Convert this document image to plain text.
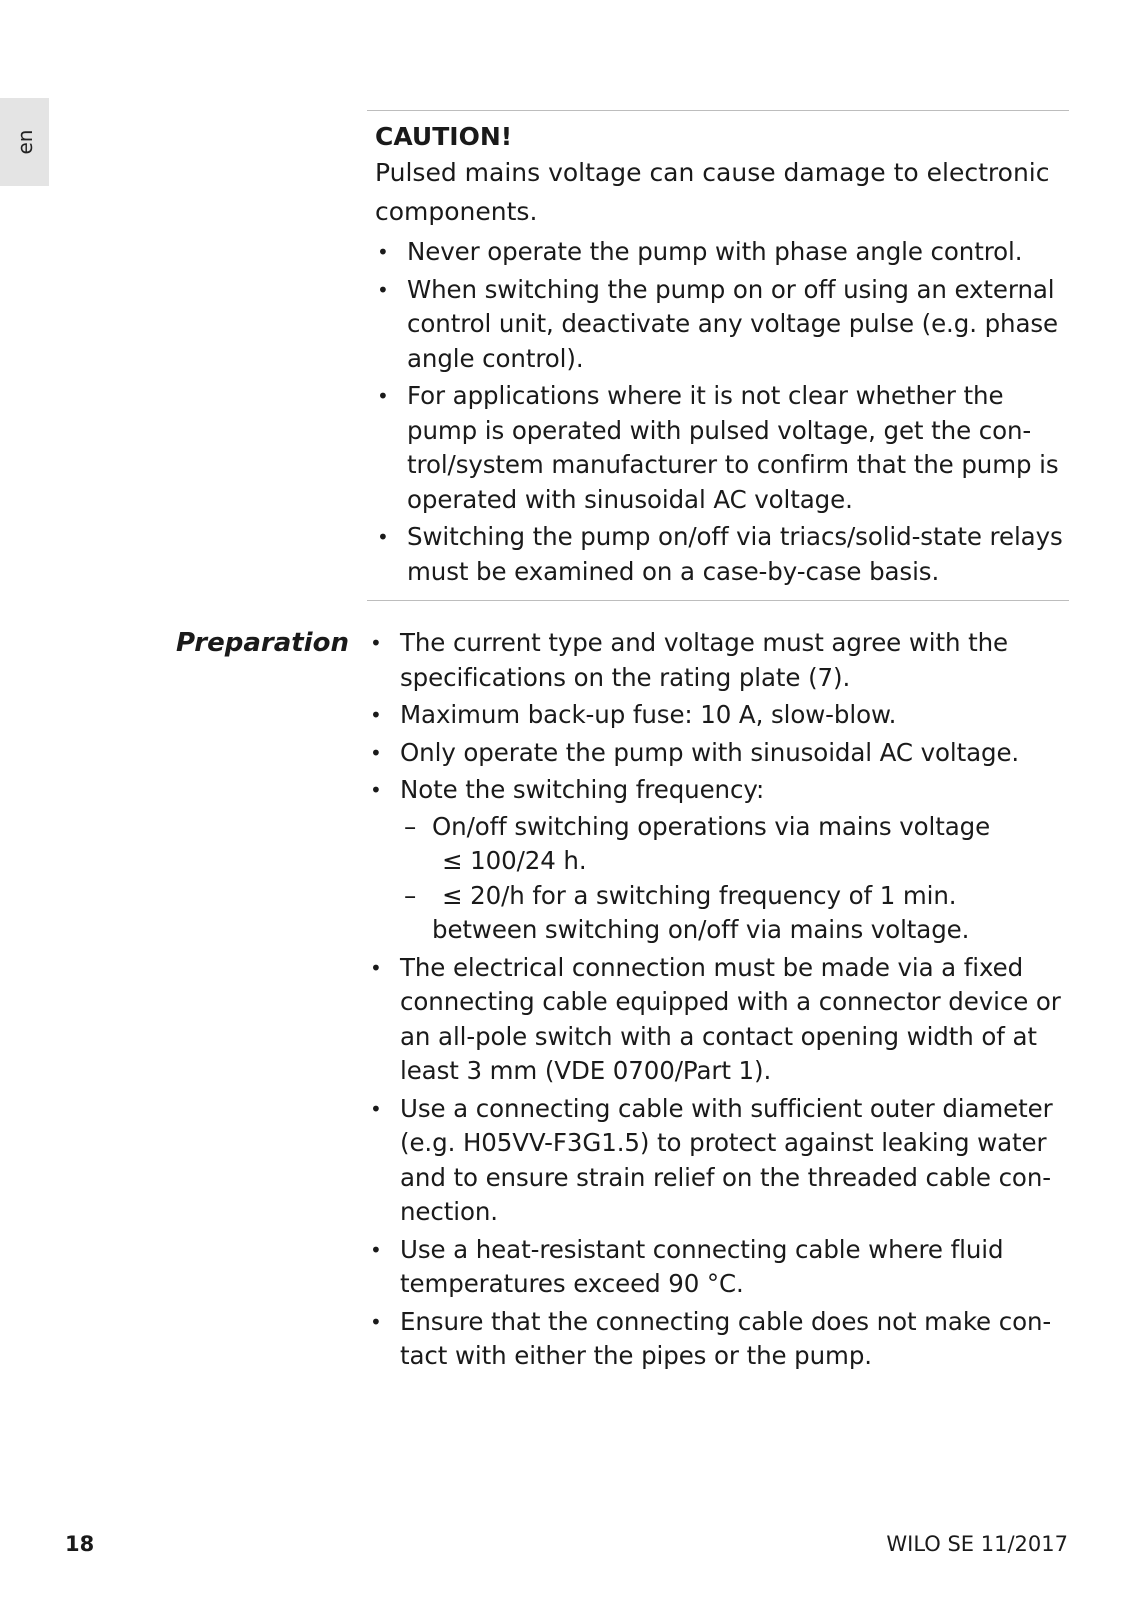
en	CAUTION!

Pulsed mains voltage can cause damage to electronic components.

• Never operate the pump with phase angle control.
• When switching the pump on or off using an external control unit, deactivate any voltage pulse (e.g. phase angle control).
• For applications where it is not clear whether the pump is operated with pulsed voltage, get the con-trol/system manufacturer to confirm that the pump is operated with sinusoidal AC voltage.
• Switching the pump on/off via triacs/solid-state relays must be examined on a case-by-case basis.
Preparation
•	The current type and voltage must agree with the specifications on the rating plate (7).
• Maximum back-up fuse: 10 A, slow-blow.
• Only operate the pump with sinusoidal AC voltage.
• Note the switching frequency:
– On/off switching operations via mains voltage
≤ 100/24 h.
– ≤ 20/h for a switching frequency of 1 min.
between switching on/off via mains voltage.
• The electrical connection must be made via a fixed connecting cable equipped with a connector device or an all-pole switch with a contact opening width of at least 3 mm (VDE 0700/Part 1).
• Use a connecting cable with sufficient outer diameter (e.g. H05VV-F3G1.5) to protect against leaking water and to ensure strain relief on the threaded cable con-nection.
• Use a heat-resistant connecting cable where fluid temperatures exceed 90 °C.
• Ensure that the connecting cable does not make con-tact with either the pipes or the pump.
18	WILO SE 11/2017
